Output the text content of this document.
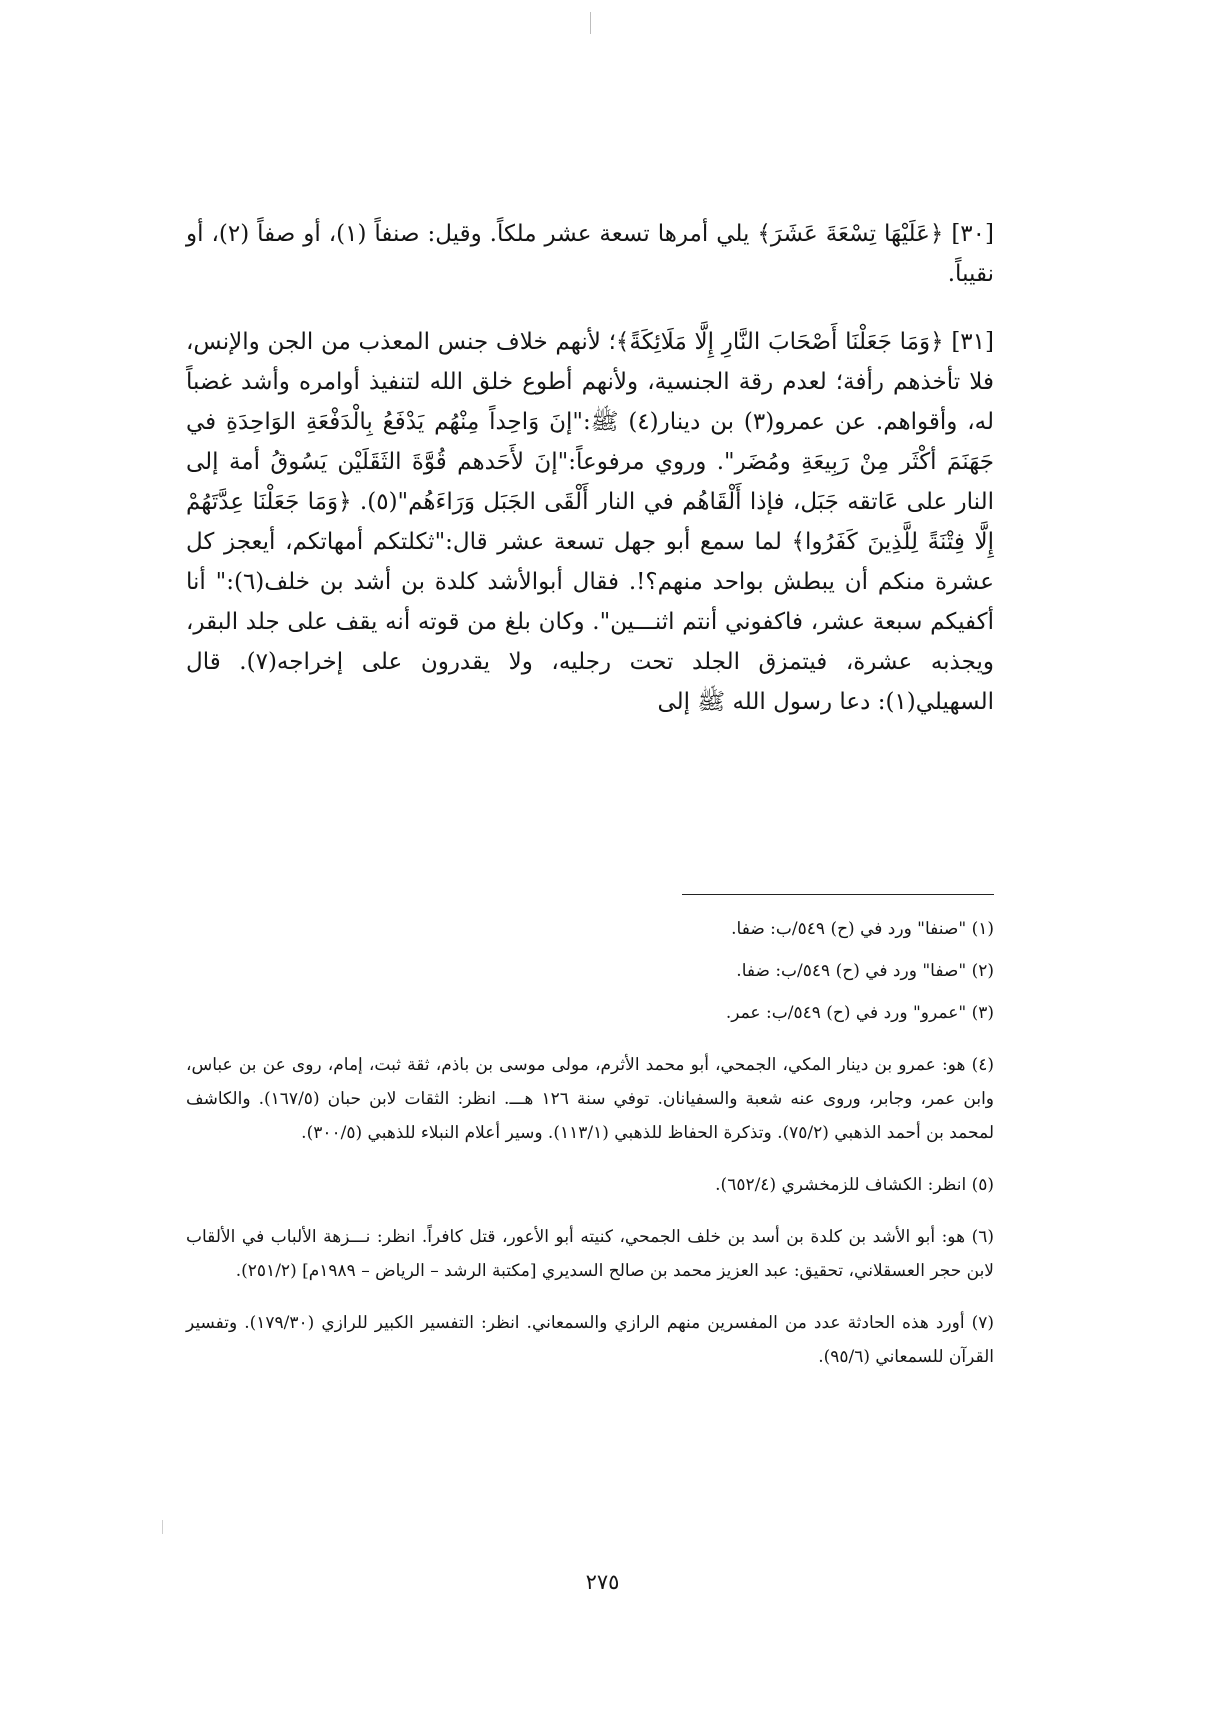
[٣٠] ﴿عَلَيْهَا تِسْعَةَ عَشَرَ﴾ يلي أمرها تسعة عشر ملكاً. وقيل: صنفاً (١)، أو صفاً (٢)، أو نقيباً.

[٣١] ﴿وَمَا جَعَلْنَا أَصْحَابَ النَّارِ إِلَّا مَلَائِكَةً﴾؛ لأنهم خلاف جنس المعذب من الجن والإنس، فلا تأخذهم رأفة؛ لعدم رقة الجنسية، ولأنهم أطوع خلق الله لتنفيذ أوامره وأشد غضباً له، وأقواهم. عن عمرو(٣) بن دينار(٤) ﷺ:"إنَ وَاحِداً مِنْهُم يَدْفَعُ بِالْدَفْعَةِ الوَاحِدَةِ في جَهَنَمَ أكْثَر مِنْ رَبِيعَةِ ومُضَر". وروي مرفوعاً:"إنَ لأَحَدهم قُوَّةَ الثَقَلَيْن يَسُوقُ أمة إلى النار على عَاتقه جَبَل، فإذا أَلْقَاهُم في النار أَلْقَى الجَبَل وَرَاءَهُم"(٥). ﴿وَمَا جَعَلْنَا عِدَّتَهُمْ إِلَّا فِتْنَةً لِلَّذِينَ كَفَرُوا﴾ لما سمع أبو جهل تسعة عشر قال:"ثكلتكم أمهاتكم، أيعجز كل عشرة منكم أن يبطش بواحد منهم؟!. فقال أبوالأشد كلدة بن أشد بن خلف(٦):" أنا أكفيكم سبعة عشر، فاكفوني أنتم اثنـــين". وكان بلغ من قوته أنه يقف على جلد البقر، ويجذبه عشرة، فيتمزق الجلد تحت رجليه، ولا يقدرون على إخراجه(٧). قال السهيلي(١): دعا رسول الله ﷺ إلى

(١) "صنفا" ورد في (ح) ٥٤٩/ب: ضفا.

(٢) "صفا" ورد في (ح) ٥٤٩/ب: ضفا.

(٣) "عمرو" ورد في (ح) ٥٤٩/ب: عمر.

(٤) هو: عمرو بن دينار المكي، الجمحي، أبو محمد الأثرم، مولى موسى بن باذم، ثقة ثبت، إمام، روى عن بن عباس، وابن عمر، وجابر، وروى عنه شعبة والسفيانان. توفي سنة ١٢٦ هـــ. انظر: الثقات لابن حبان (١٦٧/٥). والكاشف لمحمد بن أحمد الذهبي (٧٥/٢). وتذكرة الحفاظ للذهبي (١١٣/١). وسير أعلام النبلاء للذهبي (٣٠٠/٥).

(٥) انظر: الكشاف للزمخشري (٦٥٢/٤).

(٦) هو: أبو الأشد بن كلدة بن أسد بن خلف الجمحي، كنيته أبو الأعور، قتل كافراً. انظر: نـــزهة الألباب في الألقاب لابن حجر العسقلاني، تحقيق: عبد العزيز محمد بن صالح السديري [مكتبة الرشد – الرياض – ١٩٨٩م] (٢٥١/٢).

(٧) أورد هذه الحادثة عدد من المفسرين منهم الرازي والسمعاني. انظر: التفسير الكبير للرازي (١٧٩/٣٠). وتفسير القرآن للسمعاني (٩٥/٦).

٢٧٥
